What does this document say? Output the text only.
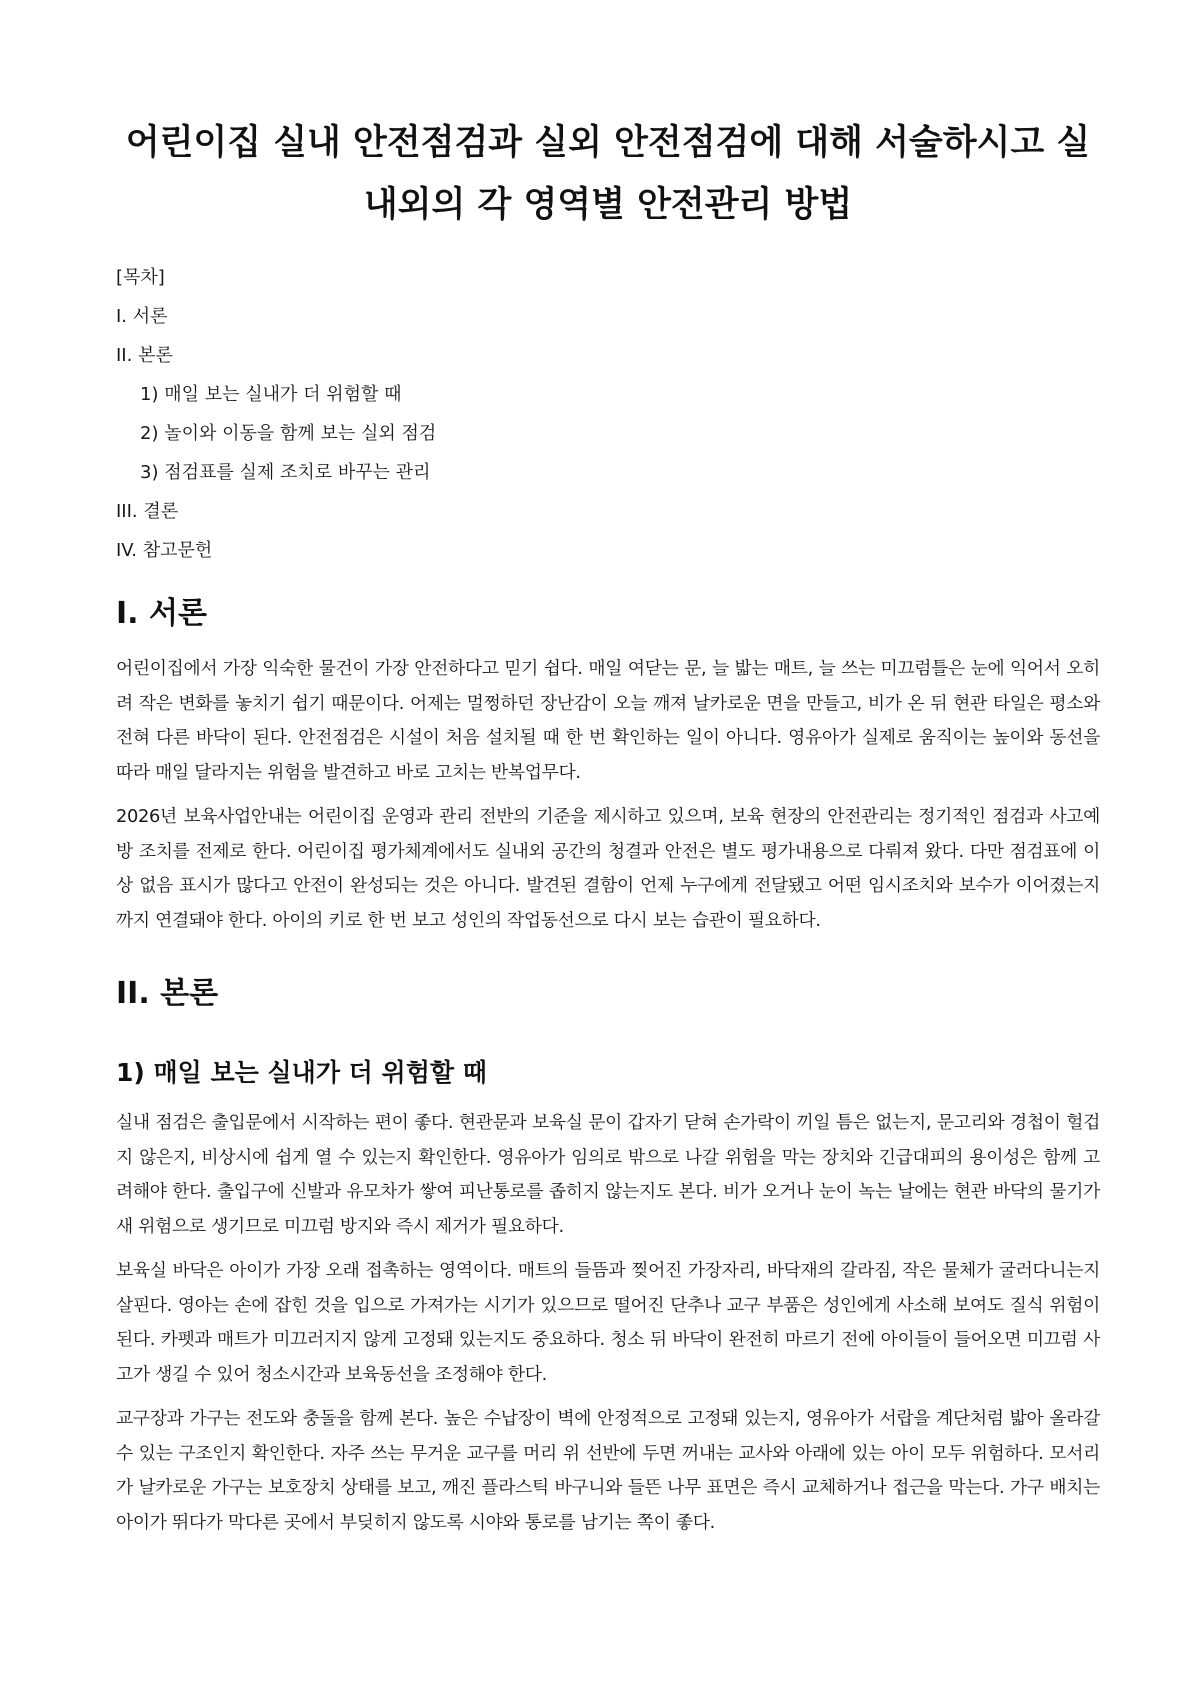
어린이집 실내 안전점검과 실외 안전점검에 대해 서술하시고 실내외의 각 영역별 안전관리 방법

[목차]

I. 서론

II. 본론

1) 매일 보는 실내가 더 위험할 때

2) 놀이와 이동을 함께 보는 실외 점검

3) 점검표를 실제 조치로 바꾸는 관리

III. 결론

IV. 참고문헌

I. 서론

어린이집에서 가장 익숙한 물건이 가장 안전하다고 믿기 쉽다. 매일 여닫는 문, 늘 밟는 매트, 늘 쓰는 미끄럼틀은 눈에 익어서 오히려 작은 변화를 놓치기 쉽기 때문이다. 어제는 멀쩡하던 장난감이 오늘 깨져 날카로운 면을 만들고, 비가 온 뒤 현관 타일은 평소와 전혀 다른 바닥이 된다. 안전점검은 시설이 처음 설치될 때 한 번 확인하는 일이 아니다. 영유아가 실제로 움직이는 높이와 동선을 따라 매일 달라지는 위험을 발견하고 바로 고치는 반복업무다.

2026년 보육사업안내는 어린이집 운영과 관리 전반의 기준을 제시하고 있으며, 보육 현장의 안전관리는 정기적인 점검과 사고예방 조치를 전제로 한다. 어린이집 평가체계에서도 실내외 공간의 청결과 안전은 별도 평가내용으로 다뤄져 왔다. 다만 점검표에 이상 없음 표시가 많다고 안전이 완성되는 것은 아니다. 발견된 결함이 언제 누구에게 전달됐고 어떤 임시조치와 보수가 이어졌는지까지 연결돼야 한다. 아이의 키로 한 번 보고 성인의 작업동선으로 다시 보는 습관이 필요하다.

II. 본론
1) 매일 보는 실내가 더 위험할 때

실내 점검은 출입문에서 시작하는 편이 좋다. 현관문과 보육실 문이 갑자기 닫혀 손가락이 끼일 틈은 없는지, 문고리와 경첩이 헐겁지 않은지, 비상시에 쉽게 열 수 있는지 확인한다. 영유아가 임의로 밖으로 나갈 위험을 막는 장치와 긴급대피의 용이성은 함께 고려해야 한다. 출입구에 신발과 유모차가 쌓여 피난통로를 좁히지 않는지도 본다. 비가 오거나 눈이 녹는 날에는 현관 바닥의 물기가 새 위험으로 생기므로 미끄럼 방지와 즉시 제거가 필요하다.

보육실 바닥은 아이가 가장 오래 접촉하는 영역이다. 매트의 들뜸과 찢어진 가장자리, 바닥재의 갈라짐, 작은 물체가 굴러다니는지 살핀다. 영아는 손에 잡힌 것을 입으로 가져가는 시기가 있으므로 떨어진 단추나 교구 부품은 성인에게 사소해 보여도 질식 위험이 된다. 카펫과 매트가 미끄러지지 않게 고정돼 있는지도 중요하다. 청소 뒤 바닥이 완전히 마르기 전에 아이들이 들어오면 미끄럼 사고가 생길 수 있어 청소시간과 보육동선을 조정해야 한다.

교구장과 가구는 전도와 충돌을 함께 본다. 높은 수납장이 벽에 안정적으로 고정돼 있는지, 영유아가 서랍을 계단처럼 밟아 올라갈 수 있는 구조인지 확인한다. 자주 쓰는 무거운 교구를 머리 위 선반에 두면 꺼내는 교사와 아래에 있는 아이 모두 위험하다. 모서리가 날카로운 가구는 보호장치 상태를 보고, 깨진 플라스틱 바구니와 들뜬 나무 표면은 즉시 교체하거나 접근을 막는다. 가구 배치는 아이가 뛰다가 막다른 곳에서 부딪히지 않도록 시야와 통로를 남기는 쪽이 좋다.
